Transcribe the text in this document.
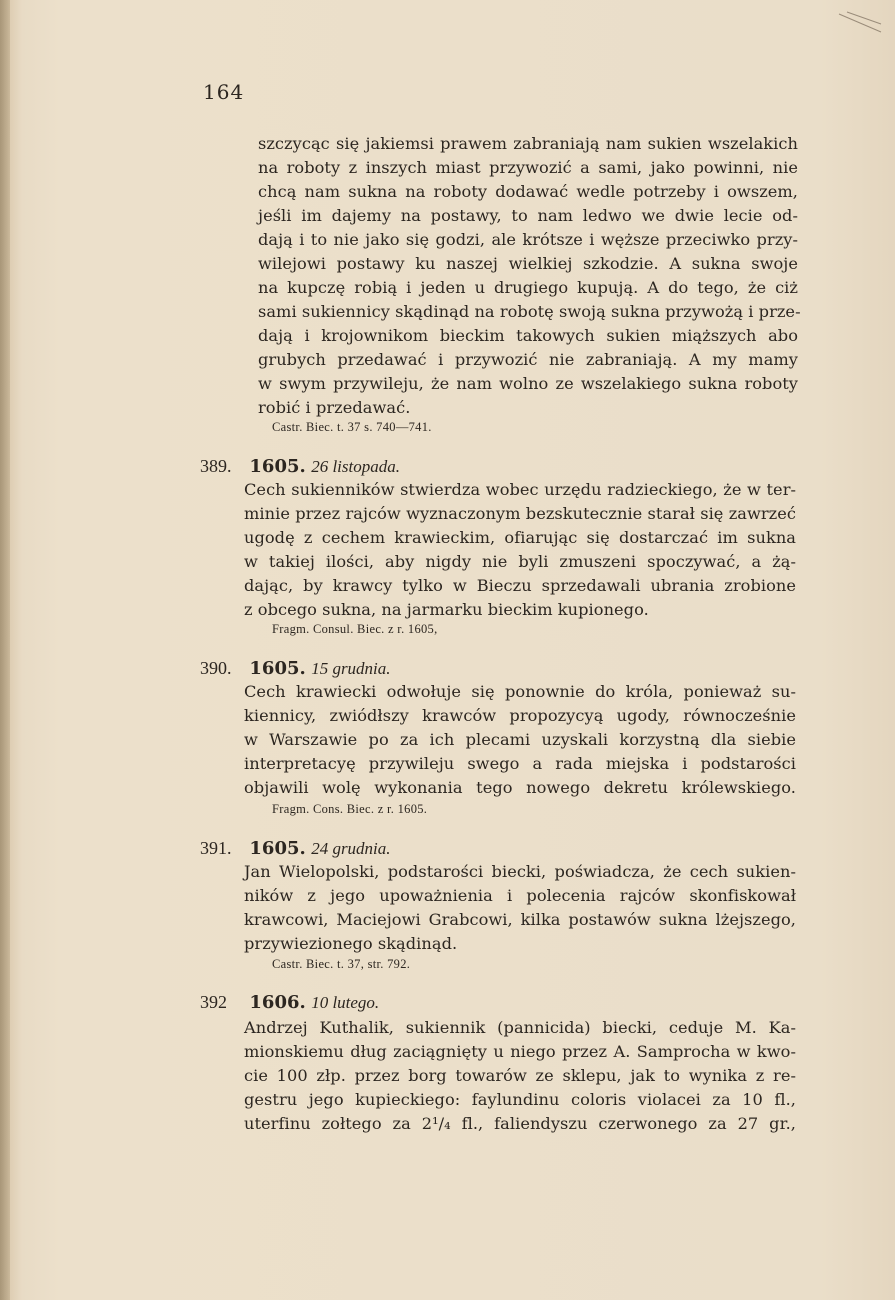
164
szczycąc się jakiemsi prawem zabraniają nam sukien wszelakich
na roboty z inszych miast przywozić a sami, jako powinni, nie
chcą nam sukna na roboty dodawać wedle potrzeby i owszem,
jeśli im dajemy na postawy, to nam ledwo we dwie lecie od-
dają i to nie jako się godzi, ale krótsze i węższe przeciwko przy-
wilejowi postawy ku naszej wielkiej szkodzie. A sukna swoje
na kupczę robią i jeden u drugiego kupują. A do tego, że ciż
sami sukiennicy skądinąd na robotę swoją sukna przywożą i prze-
dają i krojownikom bieckim takowych sukien miąższych abo
grubych przedawać i przywozić nie zabraniają. A my mamy
w swym przywileju, że nam wolno ze wszelakiego sukna roboty
robić i przedawać.
Castr. Biec. t. 37 s. 740—741.
389. 1605. 26 listopada.
Cech sukienników stwierdza wobec urzędu radzieckiego, że w ter-
minie przez rajców wyznaczonym bezskutecznie starał się zawrzeć
ugodę z cechem krawieckim, ofiarując się dostarczać im sukna
w takiej ilości, aby nigdy nie byli zmuszeni spoczywać, a żą-
dając, by krawcy tylko w Bieczu sprzedawali ubrania zrobione
z obcego sukna, na jarmarku bieckim kupionego.
Fragm. Consul. Biec. z r. 1605,
390. 1605. 15 grudnia.
Cech krawiecki odwołuje się ponownie do króla, ponieważ su-
kiennicy, zwiódłszy krawców propozycyą ugody, równocześnie
w Warszawie po za ich plecami uzyskali korzystną dla siebie
interpretacyę przywileju swego a rada miejska i podstarości
objawili wolę wykonania tego nowego dekretu królewskiego.
Fragm. Cons. Biec. z r. 1605.
391. 1605. 24 grudnia.
Jan Wielopolski, podstarości biecki, poświadcza, że cech sukien-
ników z jego upoważnienia i polecenia rajców skonfiskował
krawcowi, Maciejowi Grabcowi, kilka postawów sukna lżejszego,
przywiezionego skądinąd.
Castr. Biec. t. 37, str. 792.
392 1606. 10 lutego.
Andrzej Kuthalik, sukiennik (pannicida) biecki, ceduje M. Ka-
mionskiemu dług zaciągnięty u niego przez A. Samprocha w kwo-
cie 100 złp. przez borg towarów ze sklepu, jak to wynika z re-
gestru jego kupieckiego: faylundinu coloris violacei za 10 fl.,
uterfinu zołtego za 2¹/₄ fl., faliendyszu czerwonego za 27 gr.,
